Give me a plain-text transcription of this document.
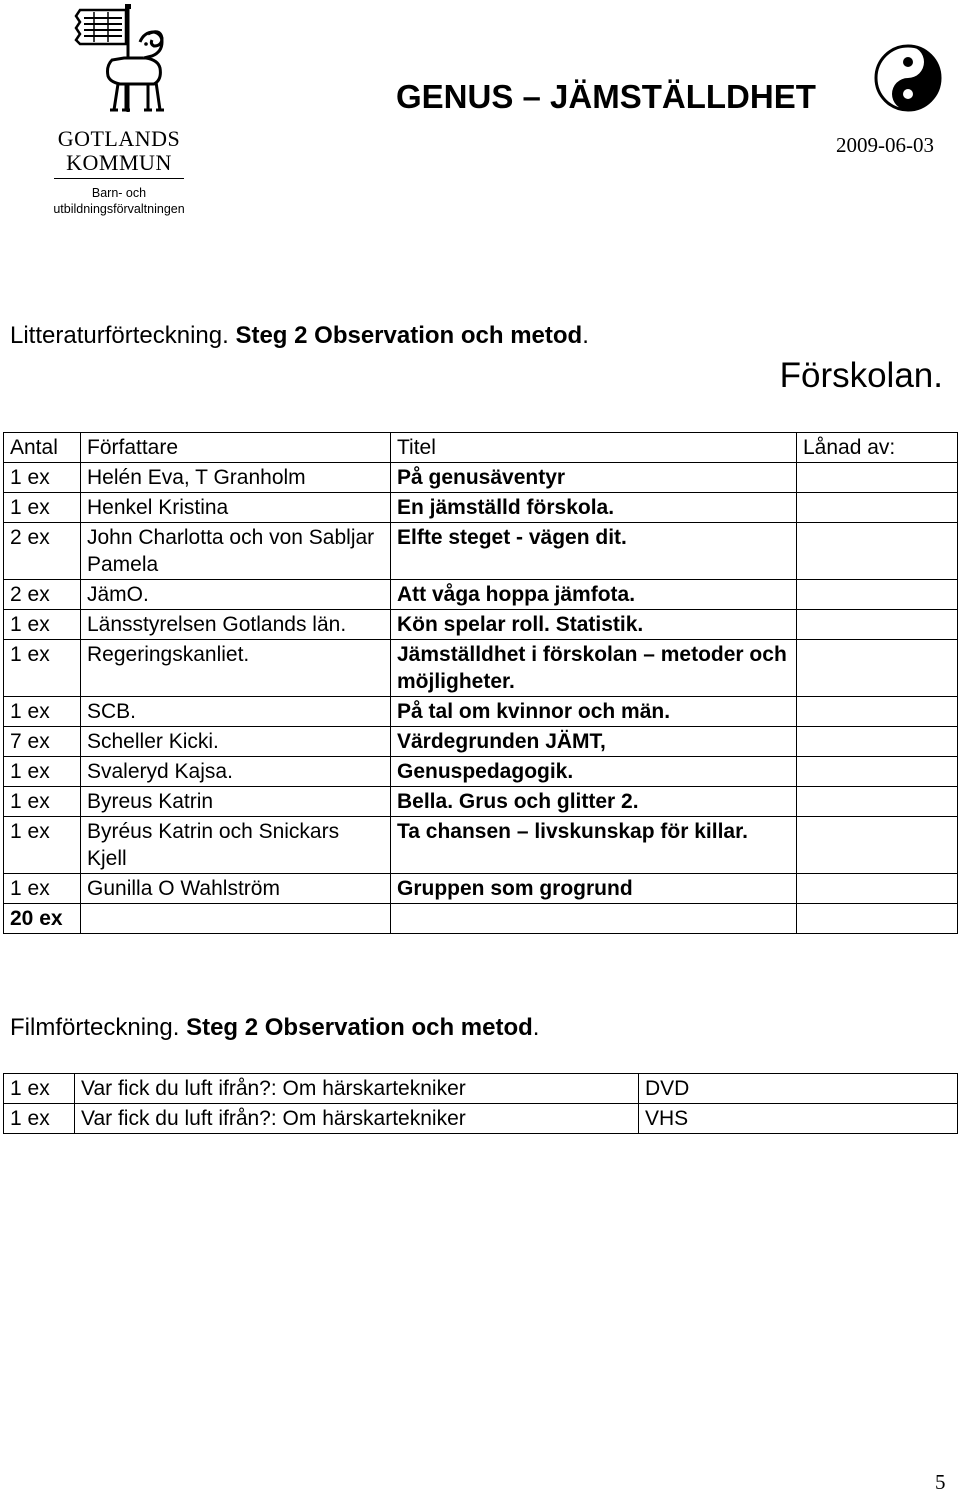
GOTLANDS
KOMMUN
Barn- och
utbildningsförvaltningen
GENUS – JÄMSTÄLLDHET
2009-06-03
Litteraturförteckning. Steg 2 Observation och metod.
Förskolan.
Antal	Författare	Titel	Lånad av:
1 ex	Helén Eva, T Granholm	På genusäventyr	
1 ex	Henkel Kristina	En jämställd förskola.	
2 ex	John Charlotta och von Sabljar Pamela	Elfte steget - vägen dit.	
2 ex	JämO.	Att våga hoppa jämfota.	
1 ex	Länsstyrelsen Gotlands län.	Kön spelar roll. Statistik.	
1 ex	Regeringskanliet.	Jämställdhet i förskolan – metoder och möjligheter.	
1 ex	SCB.	På tal om kvinnor och män.	
7 ex	Scheller Kicki.	Värdegrunden JÄMT,	
1 ex	Svaleryd Kajsa.	Genuspedagogik.	
1 ex	Byreus Katrin	Bella. Grus och glitter 2.	
1 ex	Byréus Katrin och Snickars Kjell	Ta chansen – livskunskap för killar.	
1 ex	Gunilla O Wahlström	Gruppen som grogrund	
20 ex			
Filmförteckning. Steg 2 Observation och metod.
1 ex	Var fick du luft ifrån?: Om härskartekniker	DVD
1 ex	Var fick du luft ifrån?: Om härskartekniker	VHS
5
